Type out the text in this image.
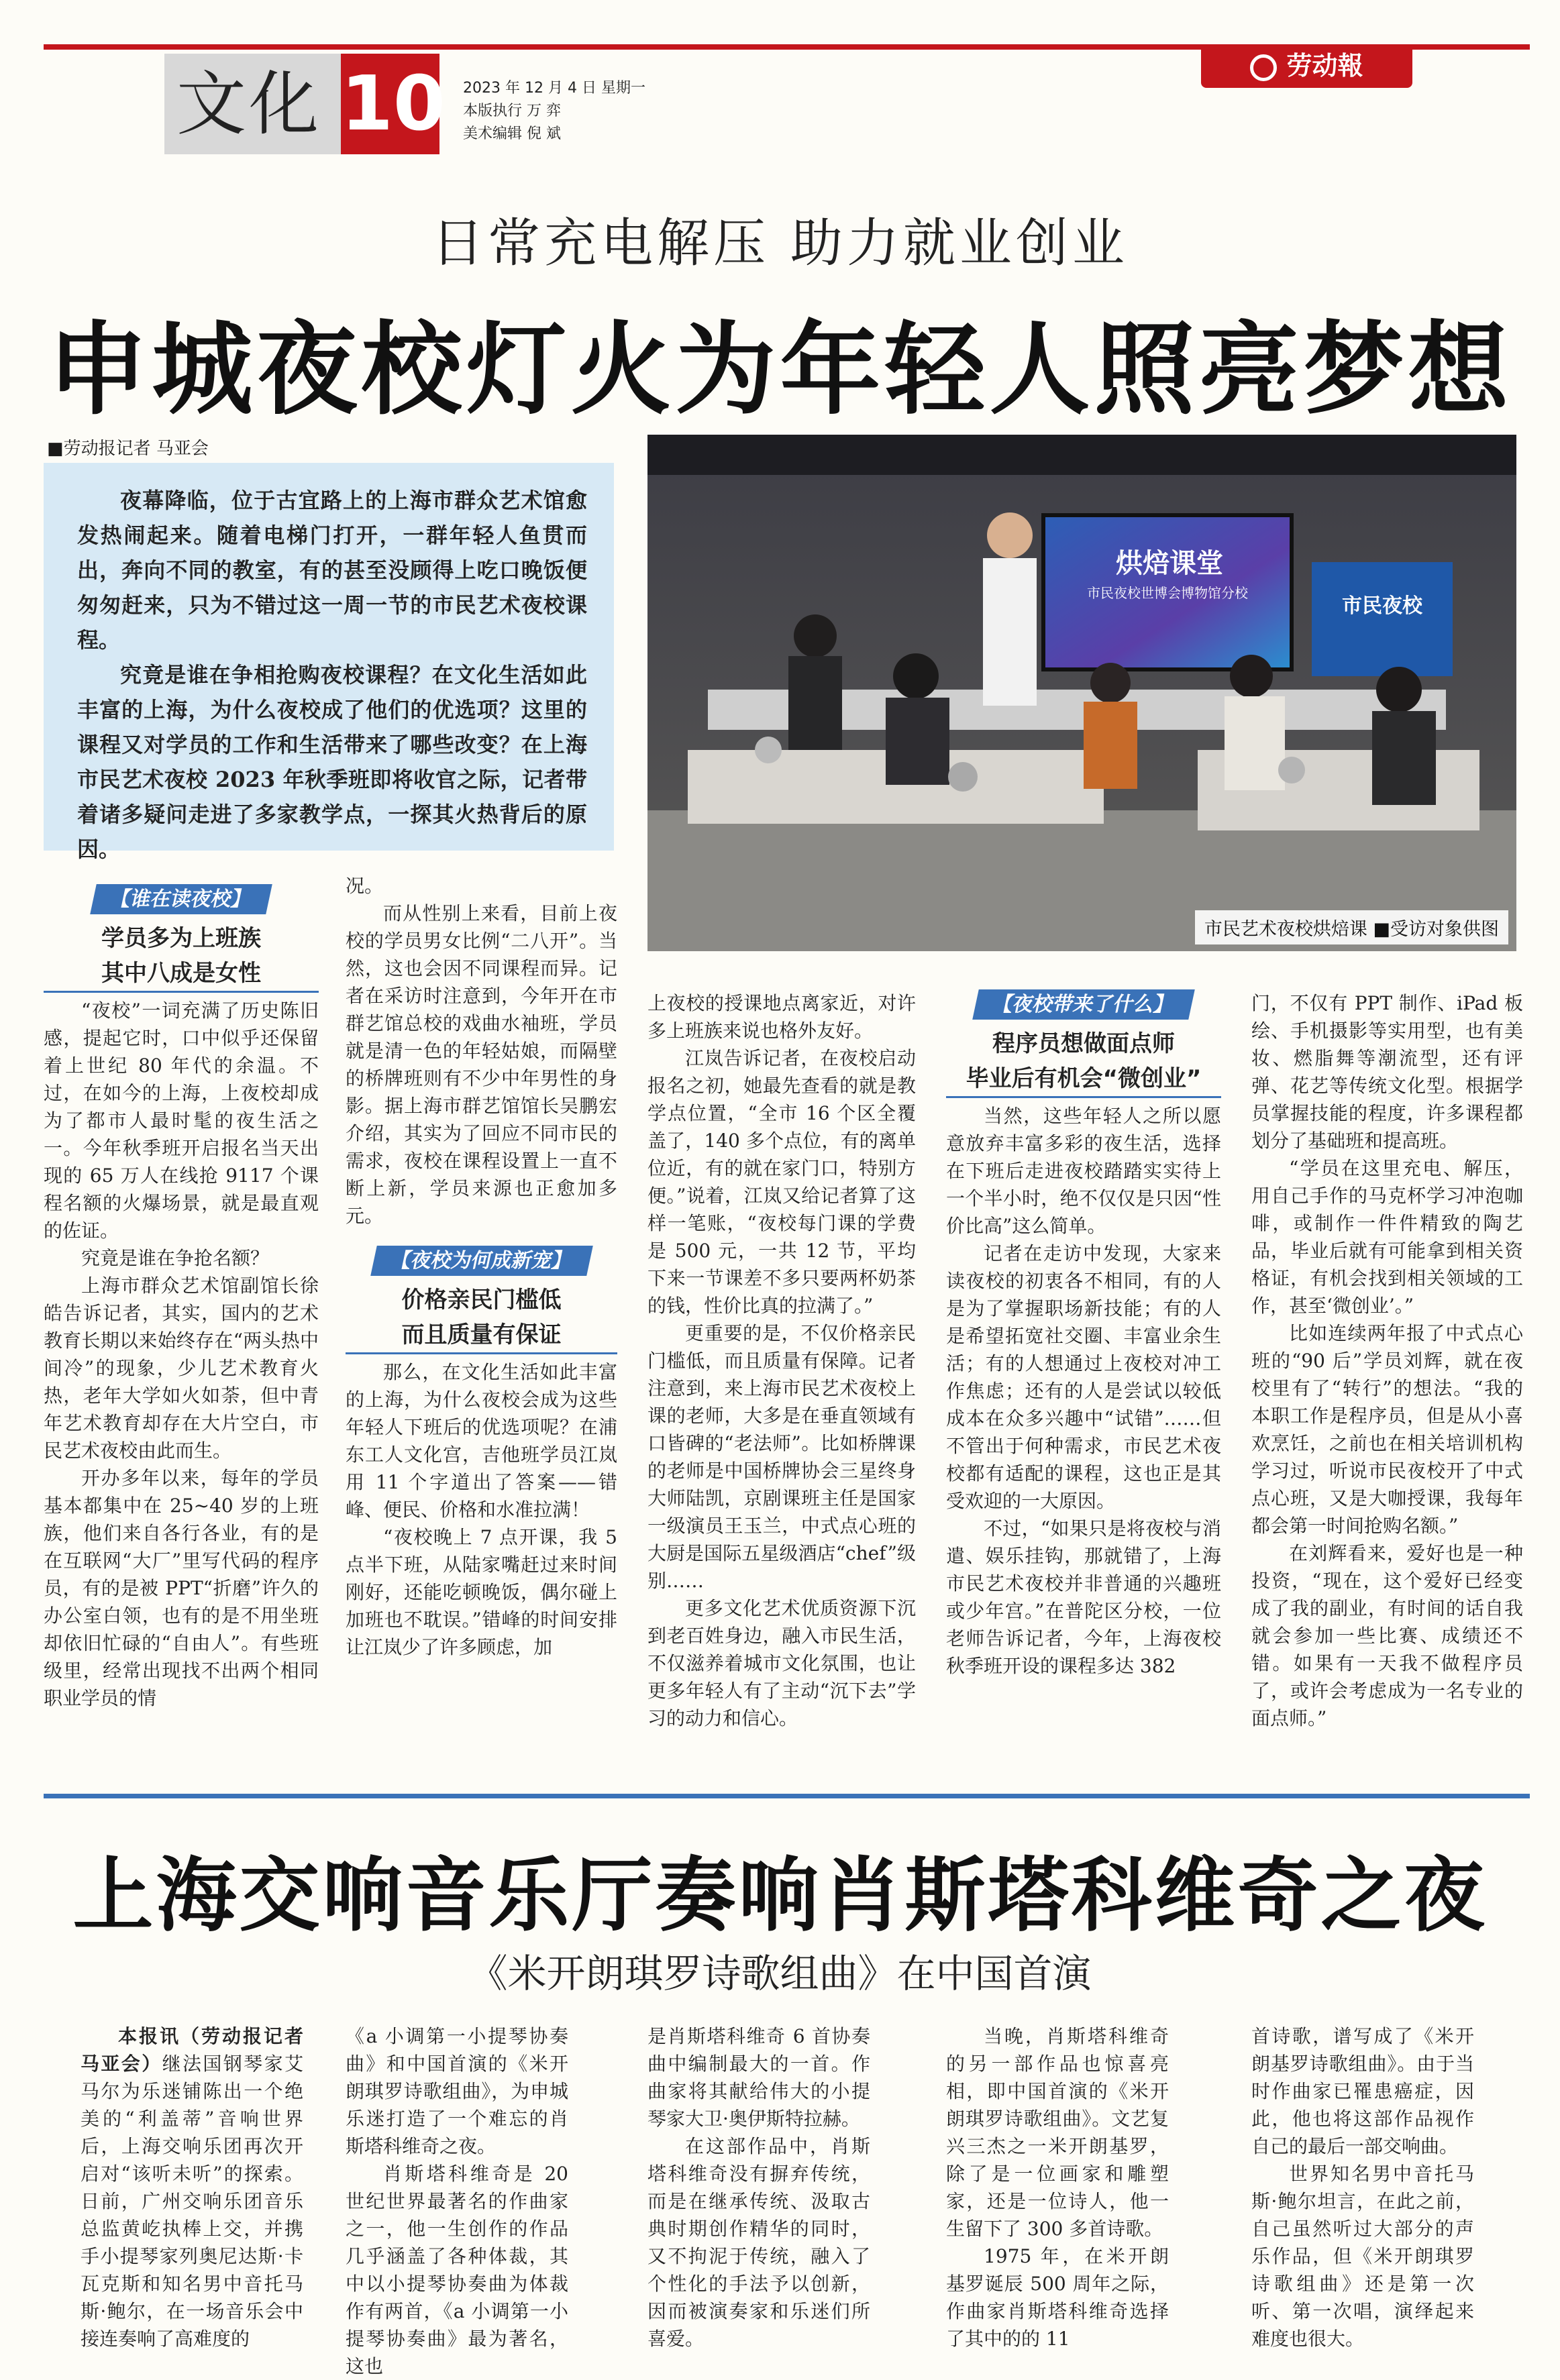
文化 10 2023 年 12 月 4 日 星期一
本版执行 万 弈
美术编辑 倪 斌
劳动報
日常充电解压 助力就业创业
申城夜校灯火为年轻人照亮梦想
■劳动报记者 马亚会

夜幕降临，位于古宜路上的上海市群众艺术馆愈发热闹起来。随着电梯门打开，一群年轻人鱼贯而出，奔向不同的教室，有的甚至没顾得上吃口晚饭便匆匆赶来，只为不错过这一周一节的市民艺术夜校课程。

究竟是谁在争相抢购夜校课程？在文化生活如此丰富的上海，为什么夜校成了他们的优选项？这里的课程又对学员的工作和生活带来了哪些改变？在上海市民艺术夜校 2023 年秋季班即将收官之际，记者带着诸多疑问走进了多家教学点，一探其火热背后的原因。

烘焙课堂
市民夜校世博会博物馆分校
市民夜校
市民艺术夜校烘焙课 ■受访对象供图
【谁在读夜校】
学员多为上班族
其中八成是女性

“夜校”一词充满了历史陈旧感，提起它时，口中似乎还保留着上世纪 80 年代的余温。不过，在如今的上海，上夜校却成为了都市人最时髦的夜生活之一。今年秋季班开启报名当天出现的 65 万人在线抢 9117 个课程名额的火爆场景，就是最直观的佐证。

究竟是谁在争抢名额？

上海市群众艺术馆副馆长徐皓告诉记者，其实，国内的艺术教育长期以来始终存在“两头热中间冷”的现象，少儿艺术教育火热，老年大学如火如荼，但中青年艺术教育却存在大片空白，市民艺术夜校由此而生。

开办多年以来，每年的学员基本都集中在 25~40 岁的上班族，他们来自各行各业，有的是在互联网“大厂”里写代码的程序员，有的是被 PPT“折磨”许久的办公室白领，也有的是不用坐班却依旧忙碌的“自由人”。有些班级里，经常出现找不出两个相同职业学员的情

况。

而从性别上来看，目前上夜校的学员男女比例“二八开”。当然，这也会因不同课程而异。记者在采访时注意到，今年开在市群艺馆总校的戏曲水袖班，学员就是清一色的年轻姑娘，而隔壁的桥牌班则有不少中年男性的身影。据上海市群艺馆馆长吴鹏宏介绍，其实为了回应不同市民的需求，夜校在课程设置上一直不断上新，学员来源也正愈加多元。

【夜校为何成新宠】
价格亲民门槛低
而且质量有保证

那么，在文化生活如此丰富的上海，为什么夜校会成为这些年轻人下班后的优选项呢？在浦东工人文化宫，吉他班学员江岚用 11 个字道出了答案——错峰、便民、价格和水准拉满！

“夜校晚上 7 点开课，我 5 点半下班，从陆家嘴赶过来时间刚好，还能吃顿晚饭，偶尔碰上加班也不耽误。”错峰的时间安排让江岚少了许多顾虑，加

上夜校的授课地点离家近，对许多上班族来说也格外友好。

江岚告诉记者，在夜校启动报名之初，她最先查看的就是教学点位置，“全市 16 个区全覆盖了，140 多个点位，有的离单位近，有的就在家门口，特别方便。”说着，江岚又给记者算了这样一笔账，“夜校每门课的学费是 500 元，一共 12 节，平均下来一节课差不多只要两杯奶茶的钱，性价比真的拉满了。”

更重要的是，不仅价格亲民门槛低，而且质量有保障。记者注意到，来上海市民艺术夜校上课的老师，大多是在垂直领域有口皆碑的“老法师”。比如桥牌课的老师是中国桥牌协会三星终身大师陆凯，京剧课班主任是国家一级演员王玉兰，中式点心班的大厨是国际五星级酒店“chef”级别……

更多文化艺术优质资源下沉到老百姓身边，融入市民生活，不仅滋养着城市文化氛围，也让更多年轻人有了主动“沉下去”学习的动力和信心。

【夜校带来了什么】
程序员想做面点师
毕业后有机会“微创业”

当然，这些年轻人之所以愿意放弃丰富多彩的夜生活，选择在下班后走进夜校踏踏实实待上一个半小时，绝不仅仅是只因“性价比高”这么简单。

记者在走访中发现，大家来读夜校的初衷各不相同，有的人是为了掌握职场新技能；有的人是希望拓宽社交圈、丰富业余生活；有的人想通过上夜校对冲工作焦虑；还有的人是尝试以较低成本在众多兴趣中“试错”……但不管出于何种需求，市民艺术夜校都有适配的课程，这也正是其受欢迎的一大原因。

不过，“如果只是将夜校与消遣、娱乐挂钩，那就错了，上海市民艺术夜校并非普通的兴趣班或少年宫。”在普陀区分校，一位老师告诉记者，今年，上海夜校秋季班开设的课程多达 382

门，不仅有 PPT 制作、iPad 板绘、手机摄影等实用型，也有美妆、燃脂舞等潮流型，还有评弹、花艺等传统文化型。根据学员掌握技能的程度，许多课程都划分了基础班和提高班。

“学员在这里充电、解压，用自己手作的马克杯学习冲泡咖啡，或制作一件件精致的陶艺品，毕业后就有可能拿到相关资格证，有机会找到相关领域的工作，甚至‘微创业’。”

比如连续两年报了中式点心班的“90 后”学员刘辉，就在夜校里有了“转行”的想法。“我的本职工作是程序员，但是从小喜欢烹饪，之前也在相关培训机构学习过，听说市民夜校开了中式点心班，又是大咖授课，我每年都会第一时间抢购名额。”

在刘辉看来，爱好也是一种投资，“现在，这个爱好已经变成了我的副业，有时间的话自我就会参加一些比赛、成绩还不错。如果有一天我不做程序员了，或许会考虑成为一名专业的面点师。”

上海交响音乐厅奏响肖斯塔科维奇之夜
《米开朗琪罗诗歌组曲》在中国首演

本报讯（劳动报记者 马亚会）继法国钢琴家艾马尔为乐迷铺陈出一个绝美的“利盖蒂”音响世界后，上海交响乐团再次开启对“该听未听”的探索。日前，广州交响乐团音乐总监黄屹执棒上交，并携手小提琴家列奥尼达斯·卡瓦克斯和知名男中音托马斯·鲍尔，在一场音乐会中接连奏响了高难度的

《a 小调第一小提琴协奏曲》和中国首演的《米开朗琪罗诗歌组曲》，为申城乐迷打造了一个难忘的肖斯塔科维奇之夜。

肖斯塔科维奇是 20 世纪世界最著名的作曲家之一，他一生创作的作品几乎涵盖了各种体裁，其中以小提琴协奏曲为体裁作有两首，《a 小调第一小提琴协奏曲》最为著名，这也

是肖斯塔科维奇 6 首协奏曲中编制最大的一首。作曲家将其献给伟大的小提琴家大卫·奥伊斯特拉赫。

在这部作品中，肖斯塔科维奇没有摒弃传统，而是在继承传统、汲取古典时期创作精华的同时，又不拘泥于传统，融入了个性化的手法予以创新，因而被演奏家和乐迷们所喜爱。

当晚，肖斯塔科维奇的另一部作品也惊喜亮相，即中国首演的《米开朗琪罗诗歌组曲》。文艺复兴三杰之一米开朗基罗，除了是一位画家和雕塑家，还是一位诗人，他一生留下了 300 多首诗歌。

1975 年，在米开朗基罗诞辰 500 周年之际，作曲家肖斯塔科维奇选择了其中的的 11

首诗歌，谱写成了《米开朗基罗诗歌组曲》。由于当时作曲家已罹患癌症，因此，他也将这部作品视作自己的最后一部交响曲。

世界知名男中音托马斯·鲍尔坦言，在此之前，自己虽然听过大部分的声乐作品，但《米开朗琪罗诗歌组曲》还是第一次听、第一次唱，演绎起来难度也很大。
